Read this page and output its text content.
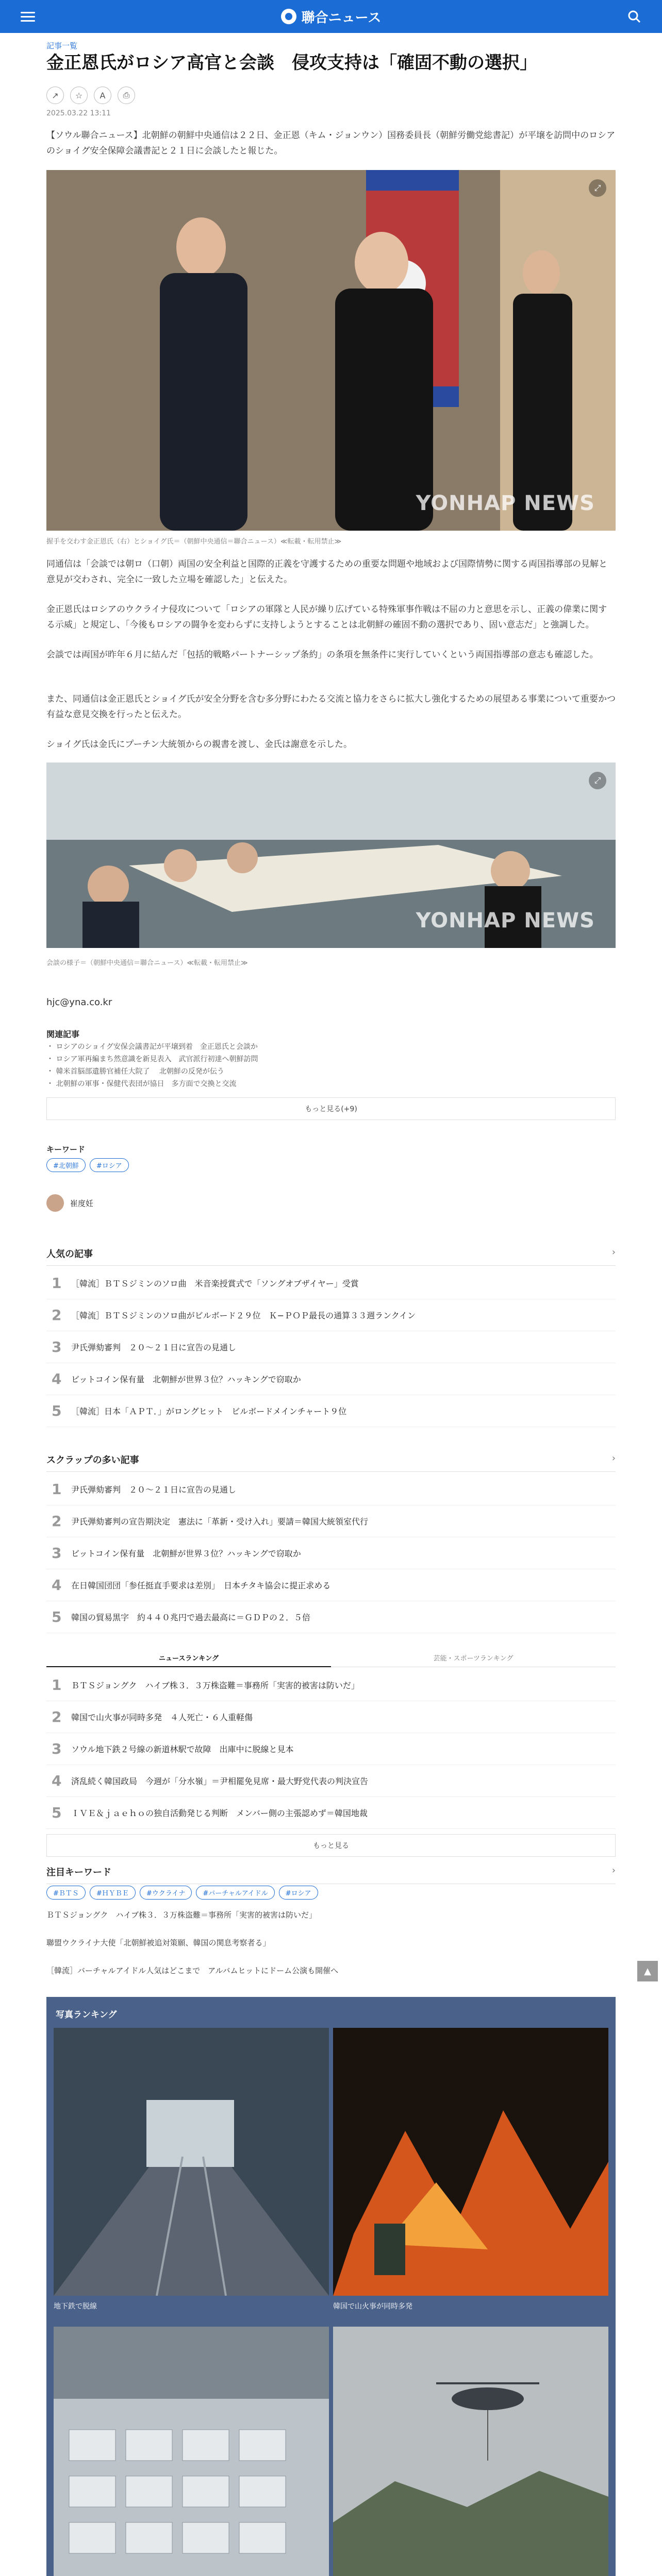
聯合ニュース
記事一覧
金正恩氏がロシア高官と会談　侵攻支持は「確固不動の選択」
↗	☆	A	⎙
2025.03.22 13:11

【ソウル聯合ニュース】北朝鮮の朝鮮中央通信は２２日、金正恩（キム・ジョンウン）国務委員長（朝鮮労働党総書記）が平壌を訪問中のロシアのショイグ安全保障会議書記と２１日に会談したと報じた。

YONHAP NEWS
⤢
握手を交わす金正恩氏（右）とショイグ氏＝（朝鮮中央通信＝聯合ニュース）≪転載・転用禁止≫

同通信は「会談では朝ロ（口朝）両国の安全利益と国際的正義を守護するための重要な問題や地域および国際情勢に関する両国指導部の見解と意見が交わされ、完全に一致した立場を確認した」と伝えた。

金正恩氏はロシアのウクライナ侵攻について「ロシアの軍隊と人民が繰り広げている特殊軍事作戦は不屈の力と意思を示し、正義の偉業に関する示威」と規定し、「今後もロシアの闘争を変わらずに支持しようとすることは北朝鮮の確固不動の選択であり、固い意志だ」と強調した。

会談では両国が昨年６月に結んだ「包括的戦略パートナーシップ条約」の条項を無条件に実行していくという両国指導部の意志も確認した。

また、同通信は金正恩氏とショイグ氏が安全分野を含む多分野にわたる交流と協力をさらに拡大し強化するための展望ある事業について重要かつ有益な意見交換を行ったと伝えた。

ショイグ氏は金氏にプーチン大統領からの親書を渡し、金氏は謝意を示した。

YONHAP NEWS
⤢
会談の様子＝（朝鮮中央通信＝聯合ニュース）≪転載・転用禁止≫
hjc@yna.co.kr
関連記事
・ ロシアのショイグ安保会議書記が平壌到着　金正恩氏と会談か
・ ロシア軍再編まち然意識を新見表入　武官派行初達へ朝鮮訪問
・ 韓米首脳部遺勝官補任大院了 　北朝鮮の反発が伝う
・ 北朝鮮の軍事・保健代表団が協日　多方面で交換と交流
もっと見る(+9)
キーワード
#北朝鮮	#ロシア
崔度妊
人気の記事	›
1	［韓流］ＢＴＳジミンのソロ曲　米音楽授賞式で「ソングオブザイヤー」受賞
2	［韓流］ＢＴＳジミンのソロ曲がビルボード２９位　Ｋ−ＰＯＰ最長の通算３３週ランクイン
3	尹氏弾劾審判　２０〜２１日に宣告の見通し
4	ビットコイン保有量　北朝鮮が世界３位？ハッキングで窃取か
5	［韓流］日本「ＡＰＴ．」がロングヒット　ビルボードメインチャート９位
スクラップの多い記事	›
1	尹氏弾劾審判　２０〜２１日に宣告の見通し
2	尹氏弾劾審判の宣告期決定　憲法に「革新・受け入れ」要請＝韓国大統領室代行
3	ビットコイン保有量　北朝鮮が世界３位？ハッキングで窃取か
4	在日韓国団団「参任挺直手要求は差別」　日本チタキ協会に提正求める
5	韓国の貿易黒字　約４４０兆円で過去最高に＝ＧＤＰの２．５倍
ニュースランキング	芸能・スポーツランキング
1	ＢＴＳジョングク　ハイブ株３．３万株盗難＝事務所「実害的被害は防いだ」
2	韓国で山火事が同時多発　４人死亡・６人重軽傷
3	ソウル地下鉄２号線の新道林駅で故障　出庫中に脱線と見本
4	済乱続く韓国政局　今週が「分水嶺」＝尹相罷免見席・最大野党代表の判決宣告
5	ＩＶＥ＆ｊａｅｈｏの独自活動発じる判断　メンバー側の主張認めず＝韓国地裁
もっと見る
注目キーワード	›
#ＢＴＳ	#ＨＹＢＥ	#ウクライナ	#パーチャルアイドル	#ロシア
ＢＴＳジョングク　ハイブ株３．３万株盗難＝事務所「実害的被害は防いだ」
聯盟ウクライナ大使「北朝鮮被追対策願、韓国の関息考察者る」
［韓流］バーチャルアイドル人気はどこまで　アルバムヒットにドーム公演も開催へ	▲
写真ランキング
地下鉄で脱線	韓国で山火事が同時多発
